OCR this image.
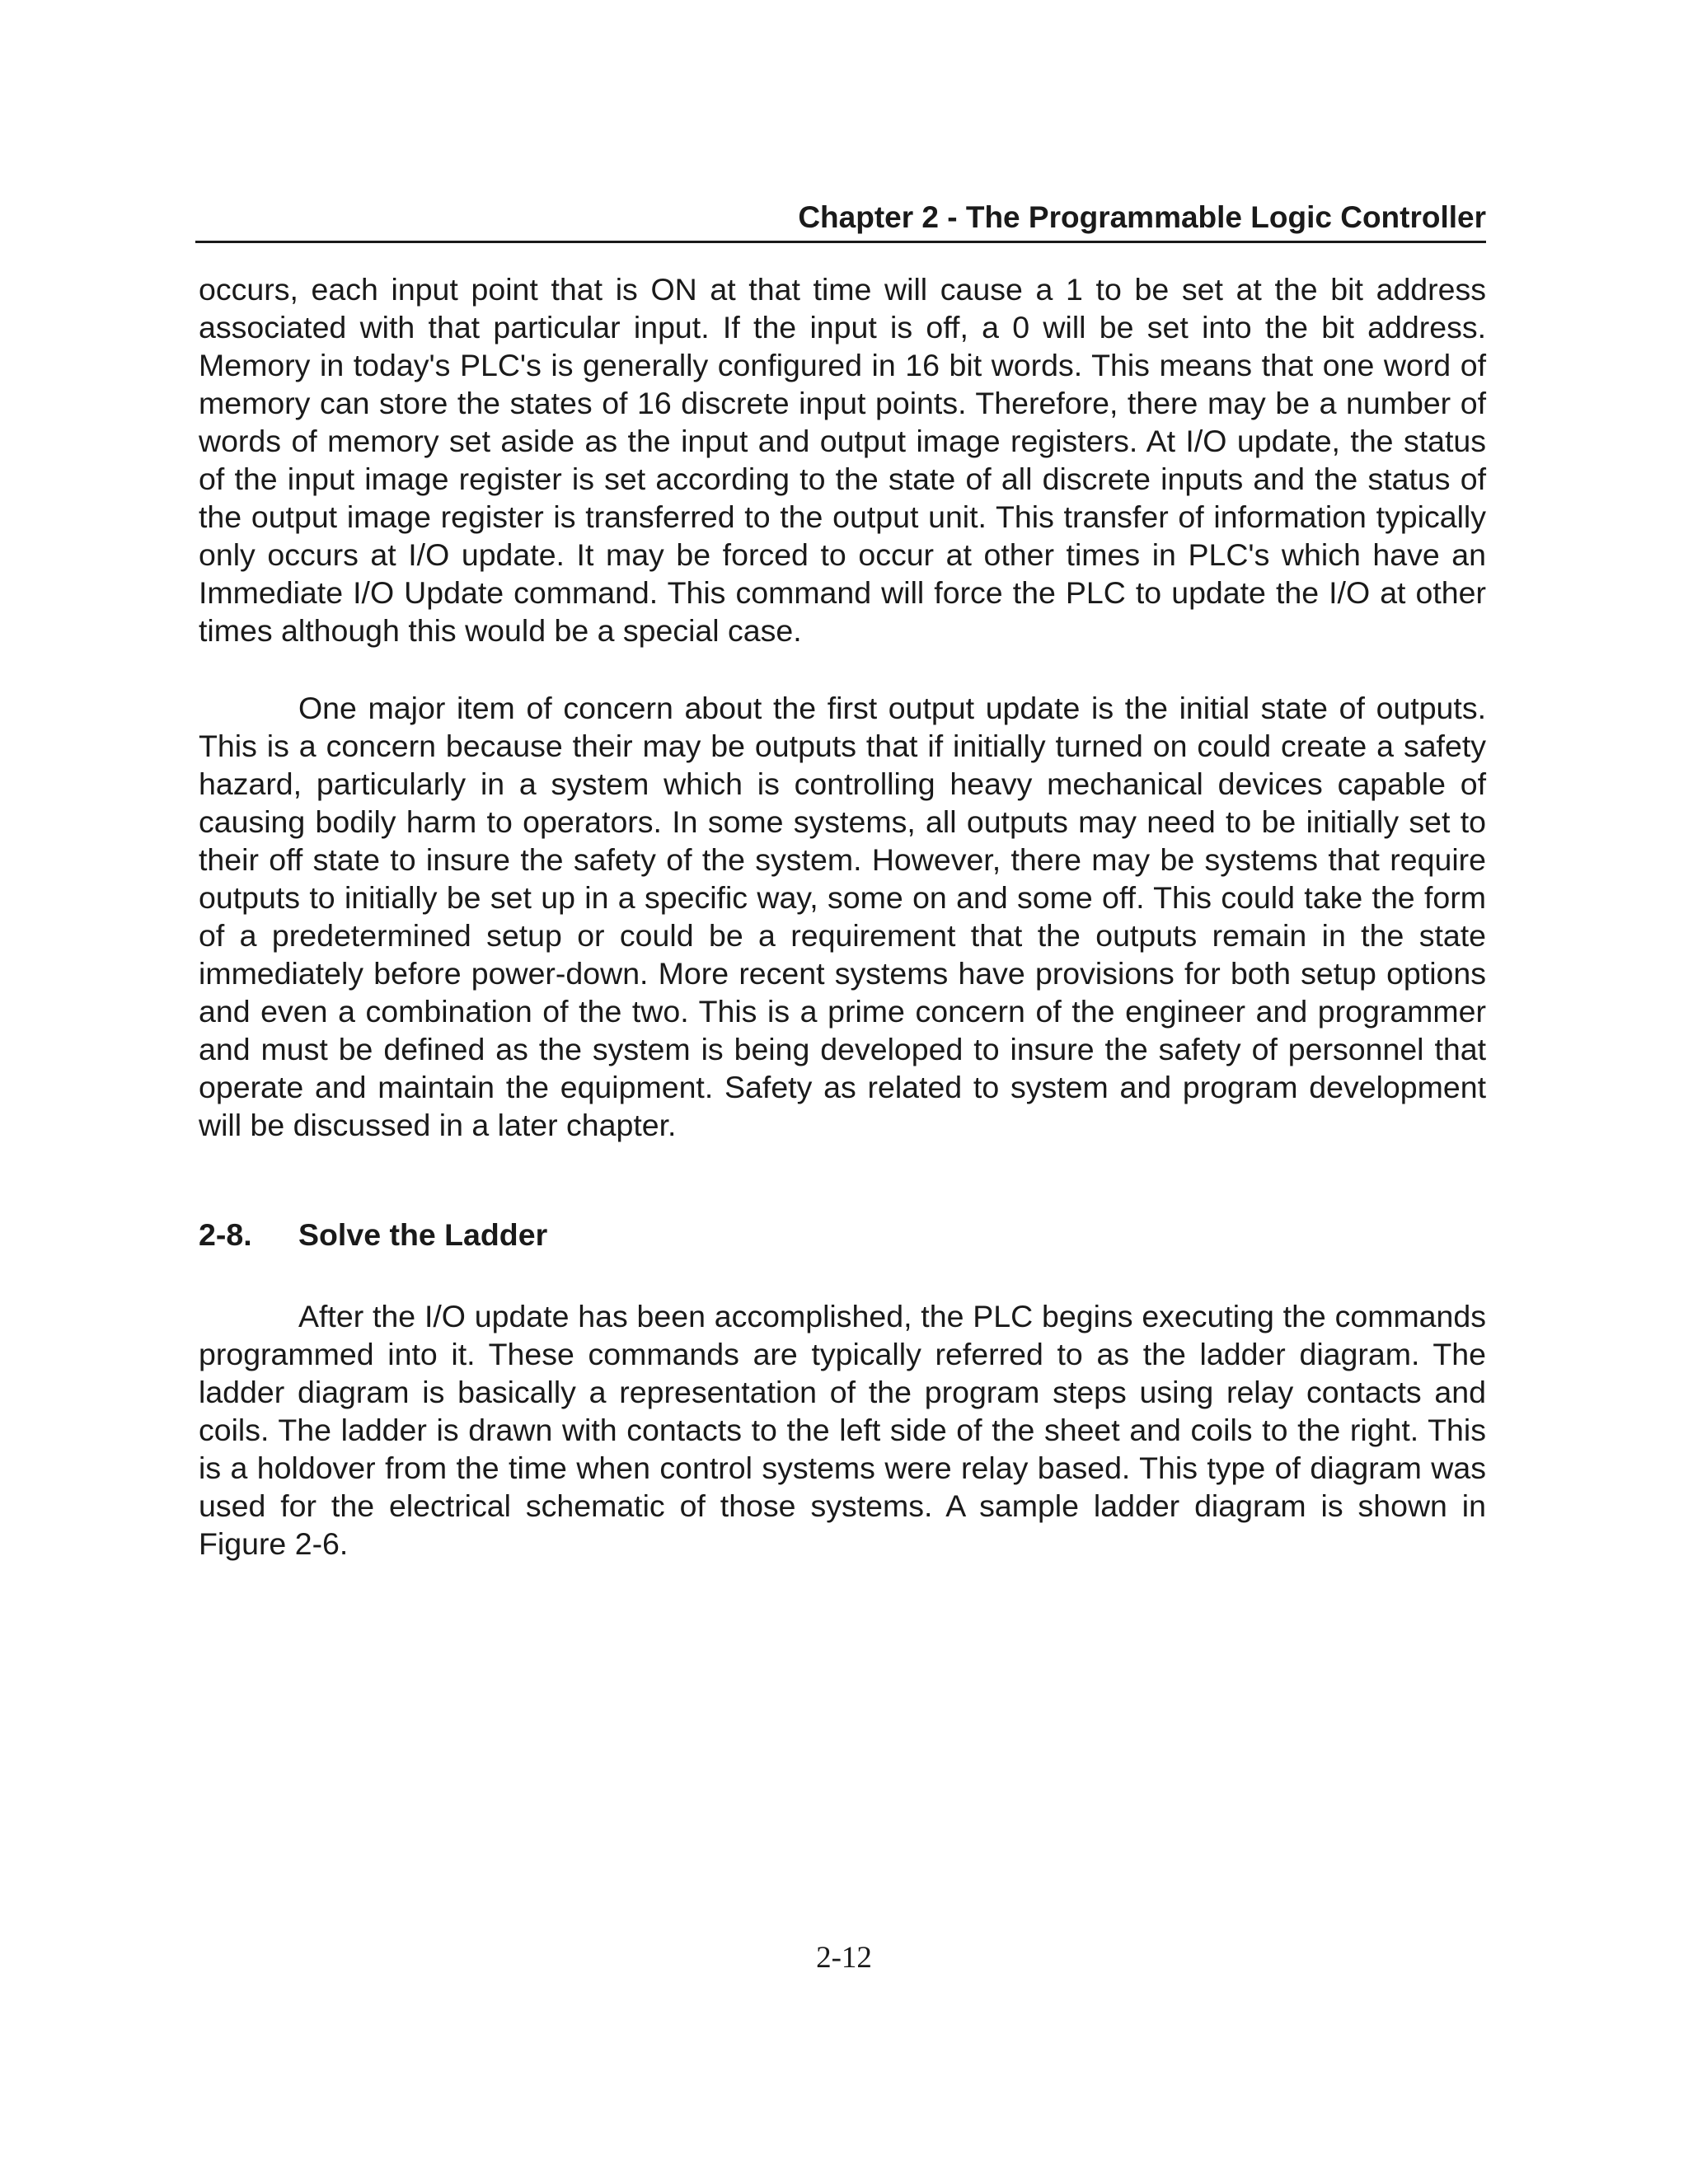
Chapter 2 - The Programmable Logic Controller

occurs, each input point that is ON at that time will cause a 1 to be set at the bit address associated with that particular input. If the input is off, a 0 will be set into the bit address. Memory in today's PLC's is generally configured in 16 bit words. This means that one word of memory can store the states of 16 discrete input points. Therefore, there may be a number of words of memory set aside as the input and output image registers. At I/O update, the status of the input image register is set according to the state of all discrete inputs and the status of the output image register is transferred to the output unit. This transfer of information typically only occurs at I/O update. It may be forced to occur at other times in PLC's which have an Immediate I/O Update command. This command will force the PLC to update the I/O at other times although this would be a special case.

One major item of concern about the first output update is the initial state of outputs. This is a concern because their may be outputs that if initially turned on could create a safety hazard, particularly in a system which is controlling heavy mechanical devices capable of causing bodily harm to operators. In some systems, all outputs may need to be initially set to their off state to insure the safety of the system. However, there may be systems that require outputs to initially be set up in a specific way, some on and some off. This could take the form of a predetermined setup or could be a requirement that the outputs remain in the state immediately before power-down. More recent systems have provisions for both setup options and even a combination of the two. This is a prime concern of the engineer and programmer and must be defined as the system is being developed to insure the safety of personnel that operate and maintain the equipment. Safety as related to system and program development will be discussed in a later chapter.

2-8. Solve the Ladder

After the I/O update has been accomplished, the PLC begins executing the commands programmed into it. These commands are typically referred to as the ladder diagram. The ladder diagram is basically a representation of the program steps using relay contacts and coils. The ladder is drawn with contacts to the left side of the sheet and coils to the right. This is a holdover from the time when control systems were relay based. This type of diagram was used for the electrical schematic of those systems. A sample ladder diagram is shown in Figure 2-6.

2-12
